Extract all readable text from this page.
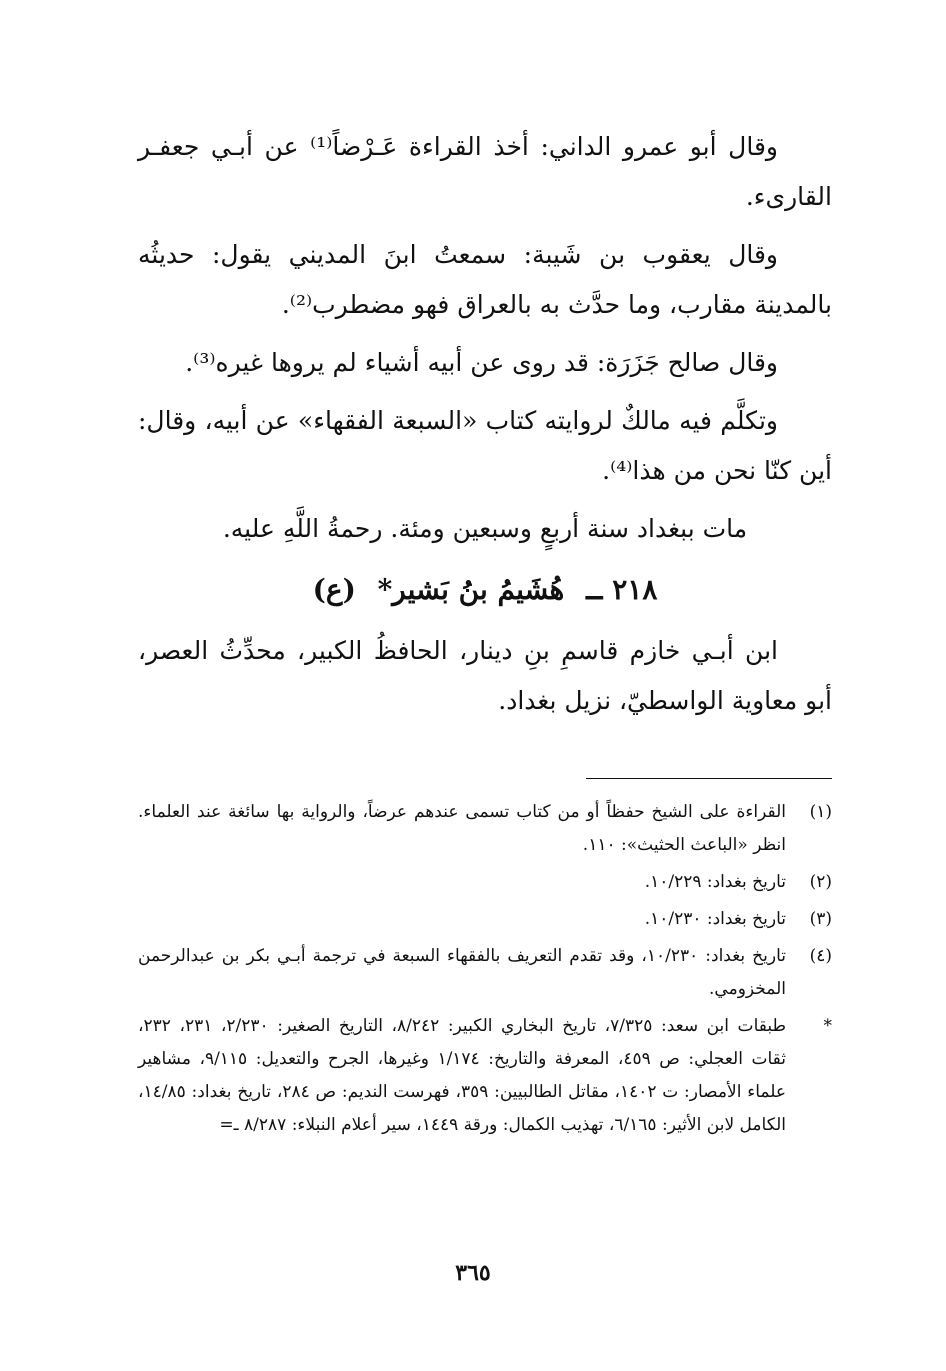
وقال أبو عمرو الداني: أخذ القراءة عَـرْضاً⁽¹⁾ عن أبـي جعفـر القارىء.

وقال يعقوب بن شَيبة: سمعتُ ابنَ المديني يقول: حديثُه بالمدينة مقارب، وما حدَّث به بالعراق فهو مضطرب⁽²⁾.

وقال صالح جَزَرَة: قد روى عن أبيه أشياء لم يروها غيره⁽³⁾.

وتكلَّم فيه مالكٌ لروايته كتاب «السبعة الفقهاء» عن أبيه، وقال: أين كنّا نحن من هذا⁽⁴⁾.

مات ببغداد سنة أربعٍ وسبعين ومئة. رحمةُ اللَّهِ عليه.

٢١٨ ــ هُشَيمُ بنُ بَشير* (ع)

ابن أبـي خازم قاسمِ بنِ دينار، الحافظُ الكبير، محدِّثُ العصر، أبو معاوية الواسطيّ، نزيل بغداد.

(١)
القراءة على الشيخ حفظاً أو من كتاب تسمى عندهم عرضاً، والرواية بها سائغة عند العلماء. انظر «الباعث الحثيث»: ١١٠.
(٢)
تاريخ بغداد: ١٠/٢٢٩.
(٣)
تاريخ بغداد: ١٠/٢٣٠.
(٤)
تاريخ بغداد: ١٠/٢٣٠، وقد تقدم التعريف بالفقهاء السبعة في ترجمة أبـي بكر بن عبدالرحمن المخزومي.
*
طبقات ابن سعد: ٧/٣٢٥، تاريخ البخاري الكبير: ٨/٢٤٢، التاريخ الصغير: ٢/٢٣٠، ٢٣١، ٢٣٢، ثقات العجلي: ص ٤٥٩، المعرفة والتاريخ: ١/١٧٤ وغيرها، الجرح والتعديل: ٩/١١٥، مشاهير علماء الأمصار: ت ١٤٠٢، مقاتل الطالبيين: ٣٥٩، فهرست النديم: ص ٢٨٤، تاريخ بغداد: ١٤/٨٥، الكامل لابن الأثير: ٦/١٦٥، تهذيب الكمال: ورقة ١٤٤٩، سير أعلام النبلاء: ٨/٢٨٧ ـ=
٣٦٥
